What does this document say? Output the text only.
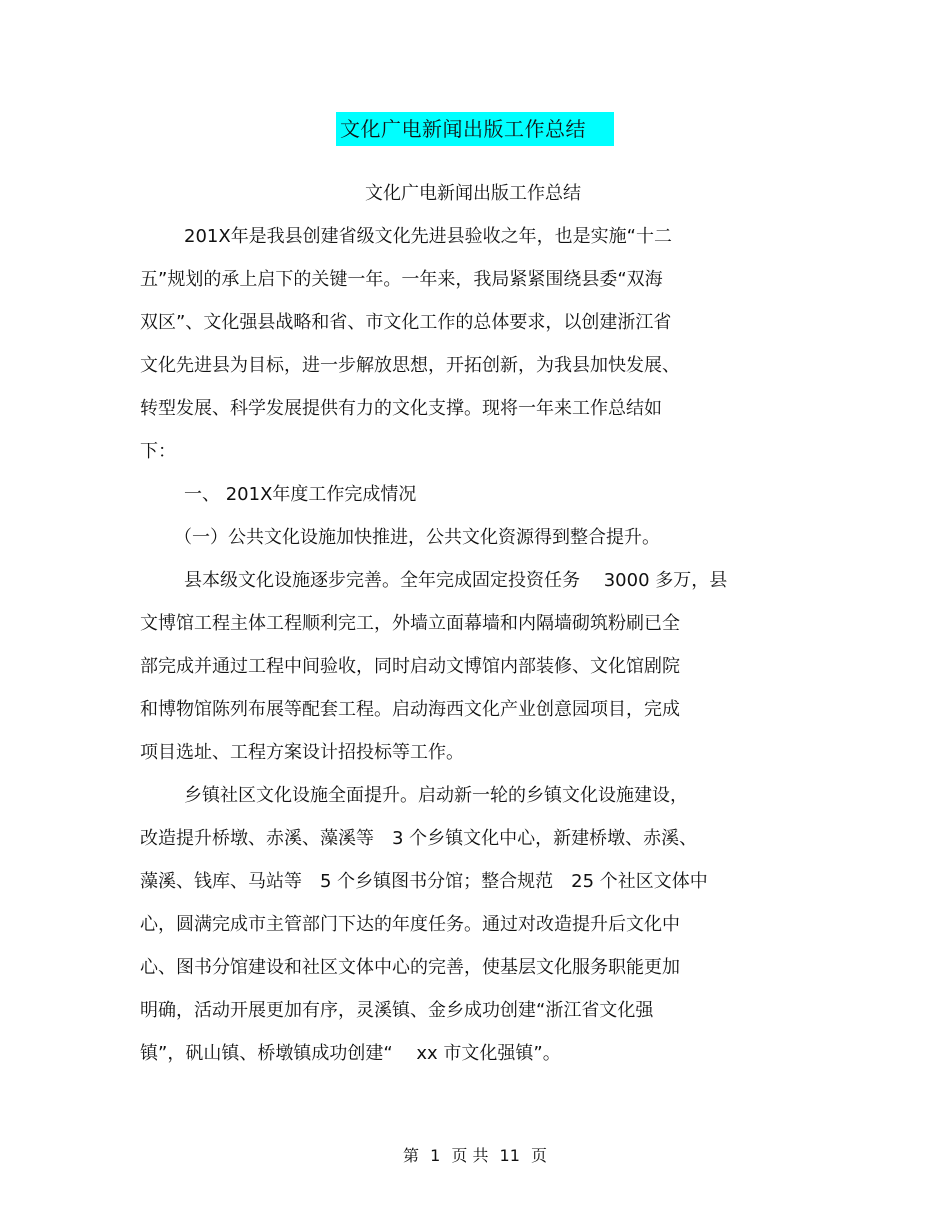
文化广电新闻出版工作总结
文化广电新闻出版工作总结
201X年是我县创建省级文化先进县验收之年，也是实施“十二
五”规划的承上启下的关键一年。一年来，我局紧紧围绕县委“双海
双区”、文化强县战略和省、市文化工作的总体要求，以创建浙江省
文化先进县为目标，进一步解放思想，开拓创新，为我县加快发展、
转型发展、科学发展提供有力的文化支撑。现将一年来工作总结如
下：
一、 201X年度工作完成情况
（一）公共文化设施加快推进，公共文化资源得到整合提升。
县本级文化设施逐步完善。全年完成固定投资任务　 3000 多万，县
文博馆工程主体工程顺利完工，外墙立面幕墙和内隔墙砌筑粉刷已全
部完成并通过工程中间验收，同时启动文博馆内部装修、文化馆剧院
和博物馆陈列布展等配套工程。启动海西文化产业创意园项目，完成
项目选址、工程方案设计招投标等工作。
乡镇社区文化设施全面提升。启动新一轮的乡镇文化设施建设，
改造提升桥墩、赤溪、藻溪等　3 个乡镇文化中心，新建桥墩、赤溪、
藻溪、钱库、马站等　5 个乡镇图书分馆；整合规范　25 个社区文体中
心，圆满完成市主管部门下达的年度任务。通过对改造提升后文化中
心、图书分馆建设和社区文体中心的完善，使基层文化服务职能更加
明确，活动开展更加有序，灵溪镇、金乡成功创建“浙江省文化强
镇”，矾山镇、桥墩镇成功创建“　 xx 市文化强镇”。
第 1 页 共 11 页
